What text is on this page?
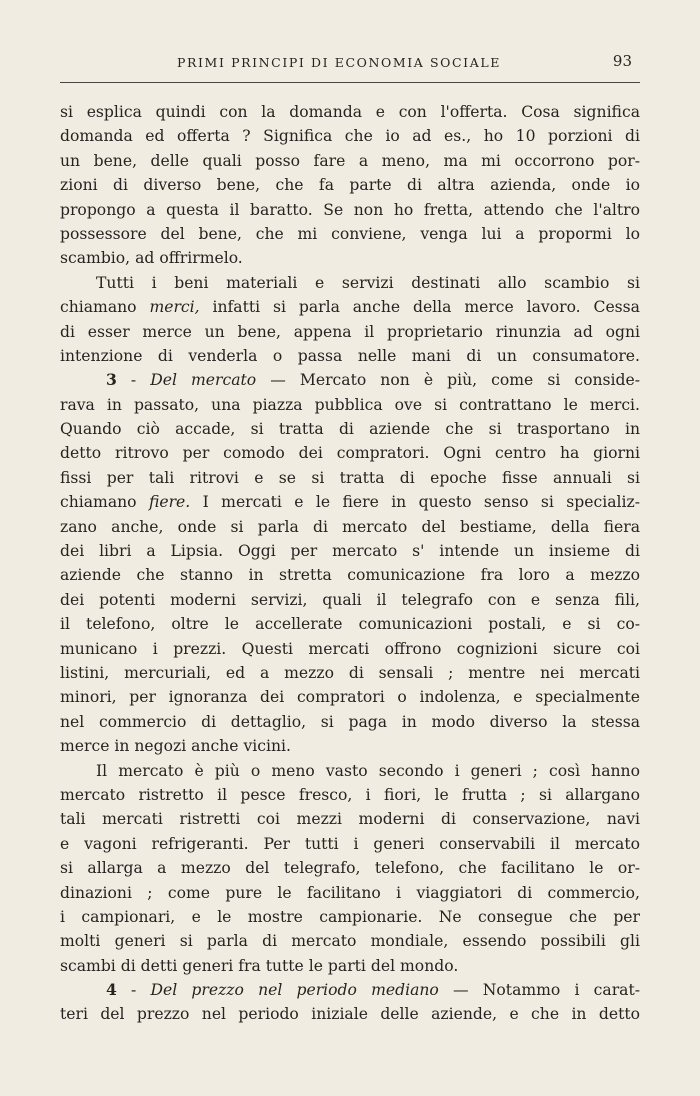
PRIMI PRINCIPI DI ECONOMIA SOCIALE	93
si esplica quindi con la domanda e con l'offerta. Cosa significa
domanda ed offerta ? Significa che io ad es., ho 10 porzioni di
un bene, delle quali posso fare a meno, ma mi occorrono por-
zioni di diverso bene, che fa parte di altra azienda, onde io
propongo a questa il baratto. Se non ho fretta, attendo che l'altro
possessore del bene, che mi conviene, venga lui a propormi lo
scambio, ad offrirmelo.
Tutti i beni materiali e servizi destinati allo scambio si
chiamano merci, infatti si parla anche della merce lavoro. Cessa
di esser merce un bene, appena il proprietario rinunzia ad ogni
intenzione di venderla o passa nelle mani di un consumatore.
3 - Del mercato — Mercato non è più, come si conside-
rava in passato, una piazza pubblica ove si contrattano le merci.
Quando ciò accade, si tratta di aziende che si trasportano in
detto ritrovo per comodo dei compratori. Ogni centro ha giorni
fissi per tali ritrovi e se si tratta di epoche fisse annuali si
chiamano fiere. I mercati e le fiere in questo senso si specializ-
zano anche, onde si parla di mercato del bestiame, della fiera
dei libri a Lipsia. Oggi per mercato s' intende un insieme di
aziende che stanno in stretta comunicazione fra loro a mezzo
dei potenti moderni servizi, quali il telegrafo con e senza fili,
il telefono, oltre le accellerate comunicazioni postali, e si co-
municano i prezzi. Questi mercati offrono cognizioni sicure coi
listini, mercuriali, ed a mezzo di sensali ; mentre nei mercati
minori, per ignoranza dei compratori o indolenza, e specialmente
nel commercio di dettaglio, si paga in modo diverso la stessa
merce in negozi anche vicini.
Il mercato è più o meno vasto secondo i generi ; così hanno
mercato ristretto il pesce fresco, i fiori, le frutta ; si allargano
tali mercati ristretti coi mezzi moderni di conservazione, navi
e vagoni refrigeranti. Per tutti i generi conservabili il mercato
si allarga a mezzo del telegrafo, telefono, che facilitano le or-
dinazioni ; come pure le facilitano i viaggiatori di commercio,
i campionari, e le mostre campionarie. Ne consegue che per
molti generi si parla di mercato mondiale, essendo possibili gli
scambi di detti generi fra tutte le parti del mondo.
4 - Del prezzo nel periodo mediano — Notammo i carat-
teri del prezzo nel periodo iniziale delle aziende, e che in detto
